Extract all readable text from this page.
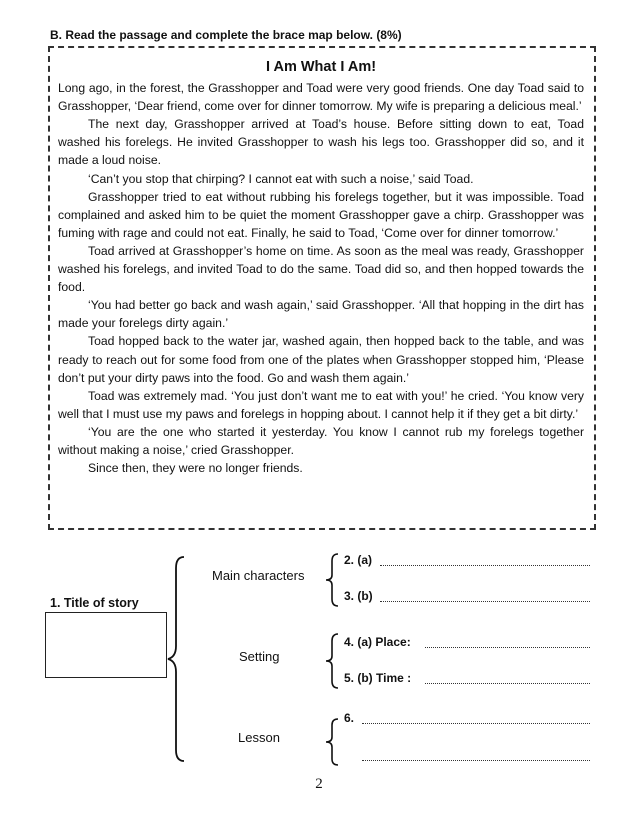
B. Read the passage and complete the brace map below. (8%)
I Am What I Am!

Long ago, in the forest, the Grasshopper and Toad were very good friends. One day Toad said to Grasshopper, ‘Dear friend, come over for dinner tomorrow. My wife is preparing a delicious meal.’

The next day, Grasshopper arrived at Toad’s house. Before sitting down to eat, Toad washed his forelegs. He invited Grasshopper to wash his legs too. Grasshopper did so, and it made a loud noise.

‘Can’t you stop that chirping? I cannot eat with such a noise,’ said Toad.

Grasshopper tried to eat without rubbing his forelegs together, but it was impossible. Toad complained and asked him to be quiet the moment Grasshopper gave a chirp. Grasshopper was fuming with rage and could not eat. Finally, he said to Toad, ‘Come over for dinner tomorrow.’

Toad arrived at Grasshopper’s home on time. As soon as the meal was ready, Grasshopper washed his forelegs, and invited Toad to do the same. Toad did so, and then hopped towards the food.

‘You had better go back and wash again,’ said Grasshopper. ‘All that hopping in the dirt has made your forelegs dirty again.’

Toad hopped back to the water jar, washed again, then hopped back to the table, and was ready to reach out for some food from one of the plates when Grasshopper stopped him, ‘Please don’t put your dirty paws into the food. Go and wash them again.’

Toad was extremely mad. ‘You just don’t want me to eat with you!’ he cried. ‘You know very well that I must use my paws and forelegs in hopping about. I cannot help it if they get a bit dirty.’

‘You are the one who started it yesterday. You know I cannot rub my forelegs together without making a noise,’ cried Grasshopper.

Since then, they were no longer friends.

1. Title of story
Main characters
Setting
Lesson
2. (a)
3. (b)
4. (a) Place:
5. (b) Time :
6.
2
